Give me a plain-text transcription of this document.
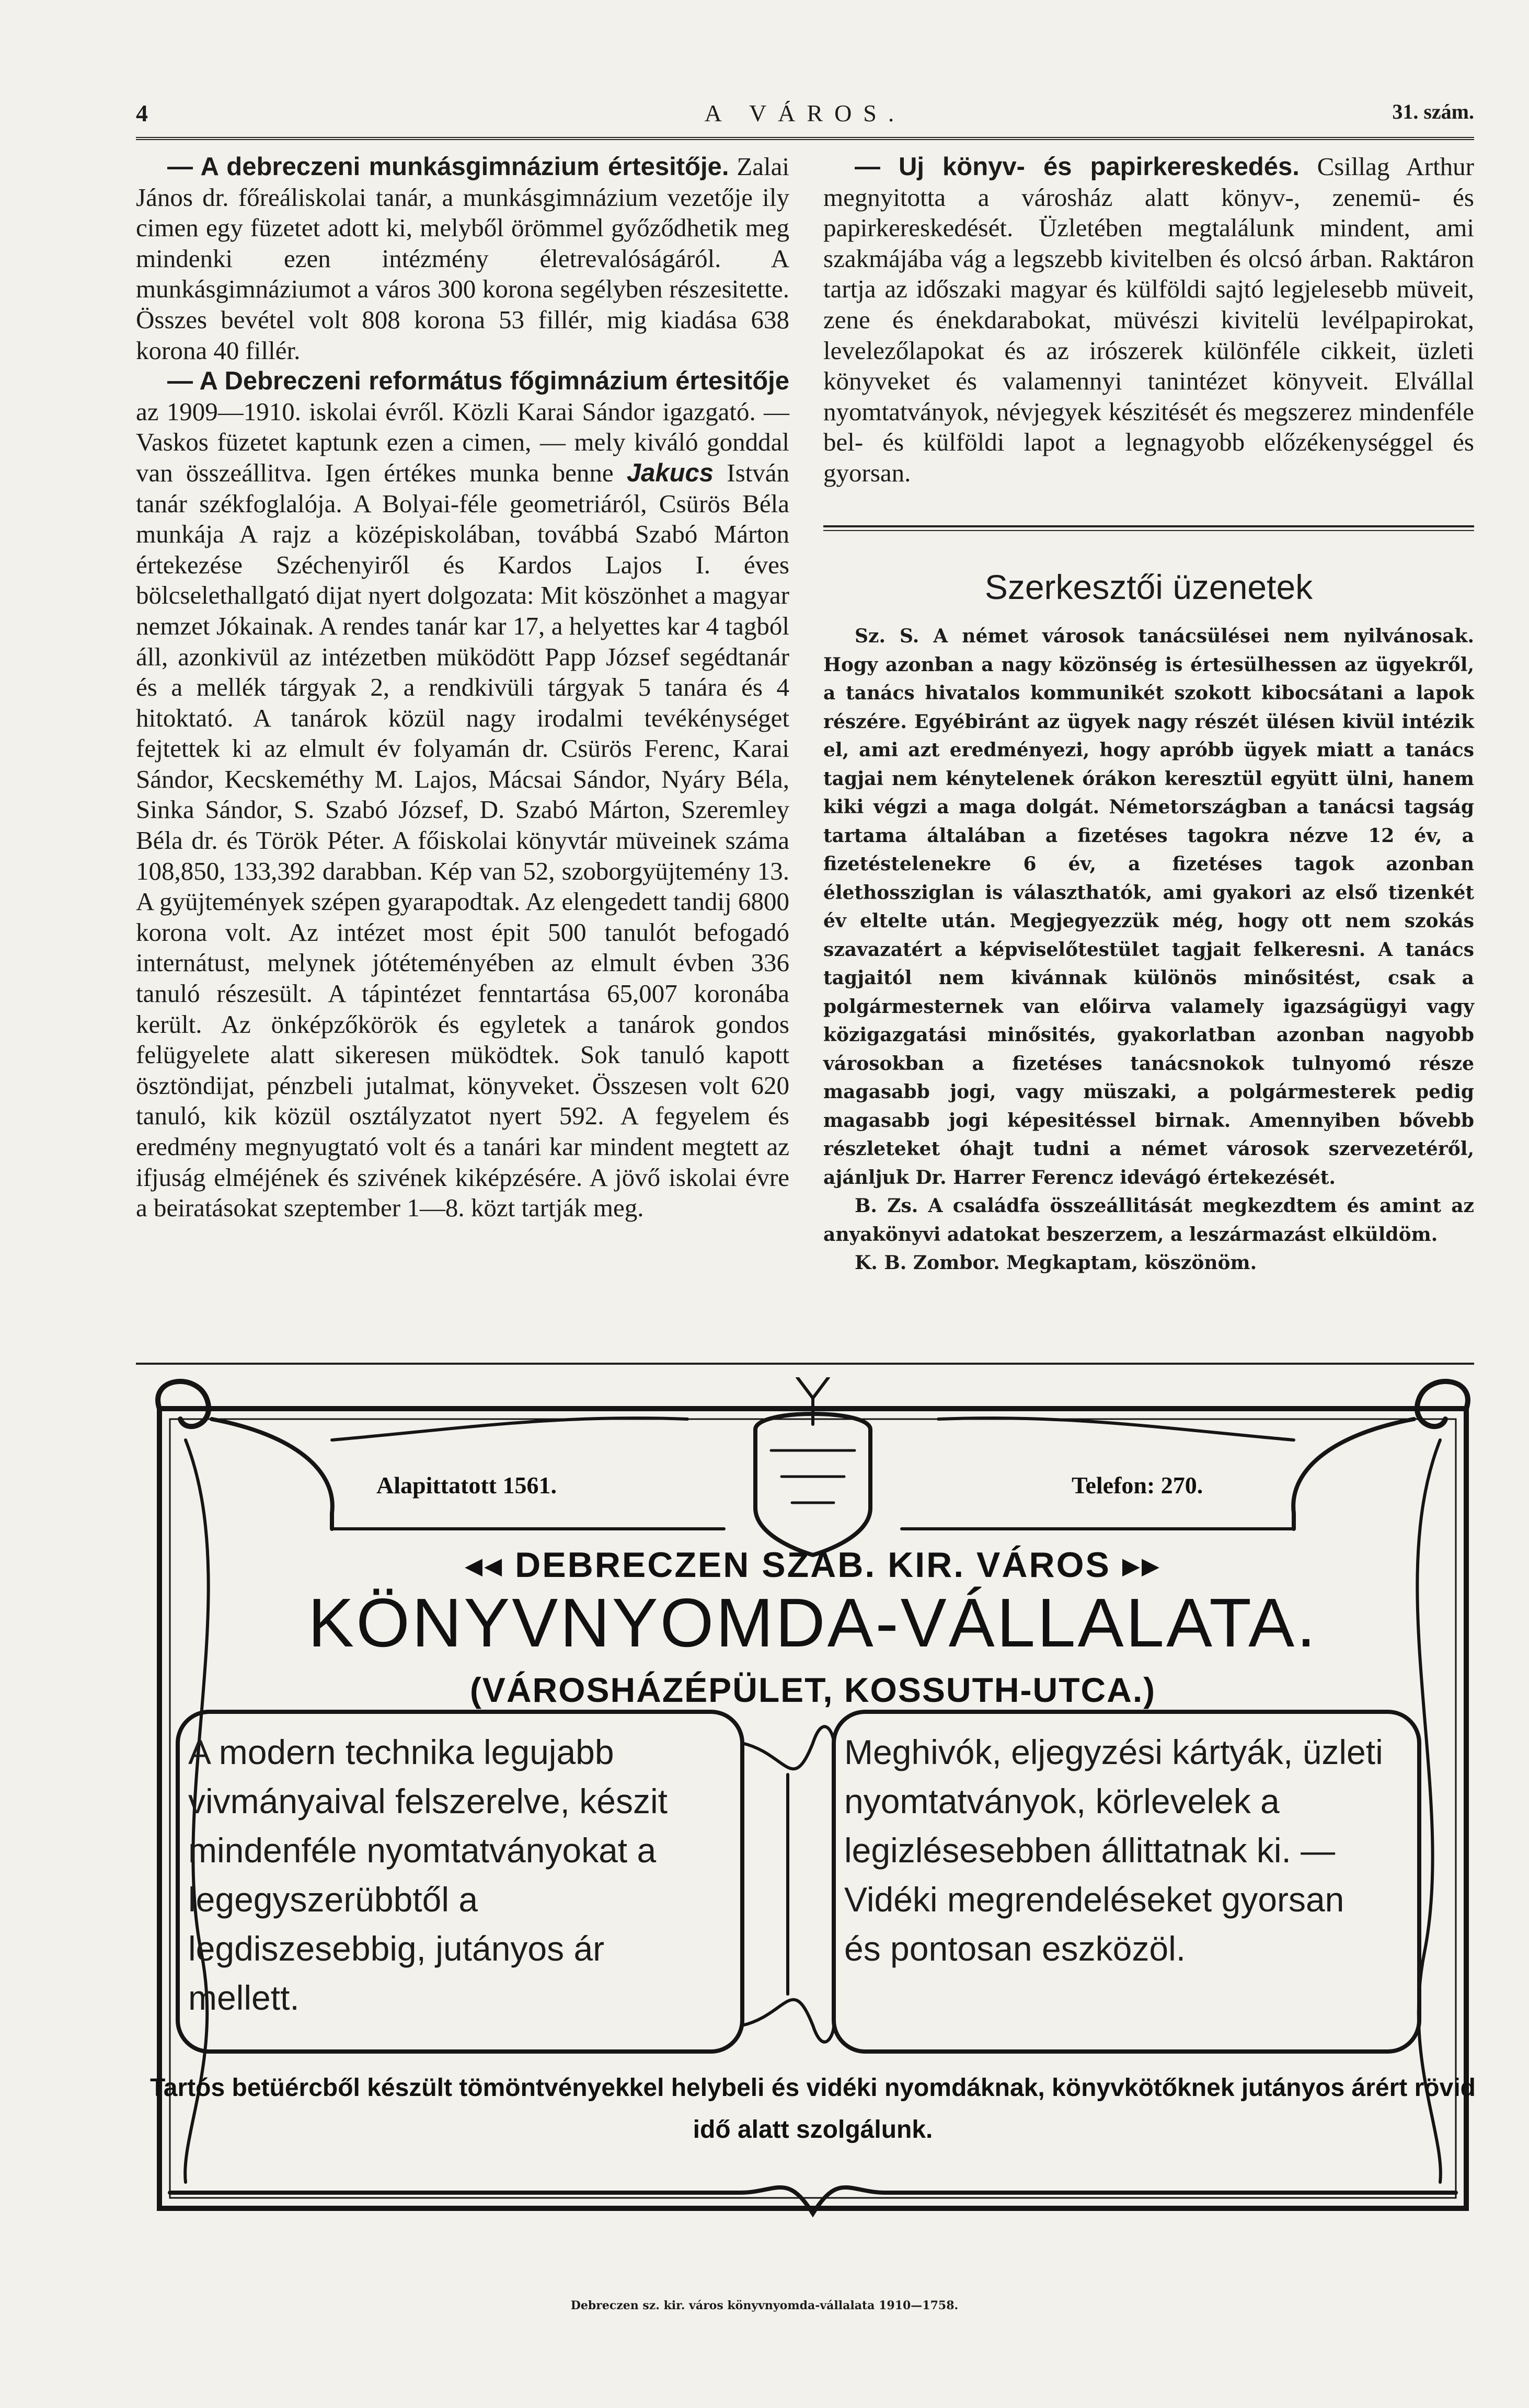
4	A VÁROS.	31. szám.

— A debreczeni munkásgimnázium értesitője. Zalai János dr. főreáliskolai tanár, a munkásgimnázium vezetője ily cimen egy füzetet adott ki, melyből örömmel győződhetik meg mindenki ezen intézmény életrevalóságáról. A munkásgimnáziumot a város 300 korona segélyben részesitette. Összes bevétel volt 808 korona 53 fillér, mig kiadása 638 korona 40 fillér.

— A Debreczeni református főgimnázium értesitője az 1909—1910. iskolai évről. Közli Karai Sándor igazgató. — Vaskos füzetet kaptunk ezen a cimen, — mely kiváló gonddal van összeállitva. Igen értékes munka benne Jakucs István tanár székfoglalója. A Bolyai-féle geometriáról, Csürös Béla munkája A rajz a középiskolában, továbbá Szabó Márton értekezése Széchenyiről és Kardos Lajos I. éves bölcselethallgató dijat nyert dolgozata: Mit köszönhet a magyar nemzet Jókainak. A rendes tanár kar 17, a helyettes kar 4 tagból áll, azonkivül az intézetben müködött Papp József segédtanár és a mellék tárgyak 2, a rendkivüli tárgyak 5 tanára és 4 hitoktató. A tanárok közül nagy irodalmi tevékénységet fejtettek ki az elmult év folyamán dr. Csürös Ferenc, Karai Sándor, Kecskeméthy M. Lajos, Mácsai Sándor, Nyáry Béla, Sinka Sándor, S. Szabó József, D. Szabó Márton, Szeremley Béla dr. és Török Péter. A főiskolai könyvtár müveinek száma 108,850, 133,392 darabban. Kép van 52, szoborgyüjtemény 13. A gyüjtemények szépen gyarapodtak. Az elengedett tandij 6800 korona volt. Az intézet most épit 500 tanulót befogadó internátust, melynek jótéteményében az elmult évben 336 tanuló részesült. A tápintézet fenntartása 65,007 koronába került. Az önképzőkörök és egyletek a tanárok gondos felügyelete alatt sikeresen müködtek. Sok tanuló kapott ösztöndijat, pénzbeli jutalmat, könyveket. Összesen volt 620 tanuló, kik közül osztályzatot nyert 592. A fegyelem és eredmény megnyugtató volt és a tanári kar mindent megtett az ifjuság elméjének és szivének kiképzésére. A jövő iskolai évre a beiratásokat szeptember 1—8. közt tartják meg.

— Uj könyv- és papirkereskedés. Csillag Arthur megnyitotta a városház alatt könyv-, zenemü- és papirkereskedését. Üzletében megtalálunk mindent, ami szakmájába vág a legszebb kivitelben és olcsó árban. Raktáron tartja az időszaki magyar és külföldi sajtó legjelesebb müveit, zene és énekdarabokat, müvészi kivitelü levélpapirokat, levelezőlapokat és az irószerek különféle cikkeit, üzleti könyveket és valamennyi tanintézet könyveit. Elvállal nyomtatványok, névjegyek készitését és megszerez mindenféle bel- és külföldi lapot a legnagyobb előzékenységgel és gyorsan.

Szerkesztői üzenetek

Sz. S. A német városok tanácsülései nem nyilvánosak. Hogy azonban a nagy közönség is értesülhessen az ügyekről, a tanács hivatalos kommunikét szokott kibocsátani a lapok részére. Egyébiránt az ügyek nagy részét ülésen kivül intézik el, ami azt eredményezi, hogy apróbb ügyek miatt a tanács tagjai nem kénytelenek órákon keresztül együtt ülni, hanem kiki végzi a maga dolgát. Németországban a tanácsi tagság tartama általában a fizetéses tagokra nézve 12 év, a fizetéstelenekre 6 év, a fizetéses tagok azonban élethossziglan is választhatók, ami gyakori az első tizenkét év eltelte után. Megjegyezzük még, hogy ott nem szokás szavazatért a képviselőtestület tagjait felkeresni. A tanács tagjaitól nem kivánnak különös minősitést, csak a polgármesternek van előirva valamely igazságügyi vagy közigazgatási minősités, gyakorlatban azonban nagyobb városokban a fizetéses tanácsnokok tulnyomó része magasabb jogi, vagy müszaki, a polgármesterek pedig magasabb jogi képesitéssel birnak. Amennyiben bővebb részleteket óhajt tudni a német városok szervezetéről, ajánljuk Dr. Harrer Ferencz idevágó értekezését.

B. Zs. A családfa összeállitását megkezdtem és amint az anyakönyvi adatokat beszerzem, a leszármazást elküldöm.

K. B. Zombor. Megkaptam, köszönöm.

Alapittatott 1561.	Telefon: 270.
◂◂ DEBRECZEN SZAB. KIR. VÁROS ▸▸
KÖNYVNYOMDA-VÁLLALATA.
(VÁROSHÁZÉPÜLET, KOSSUTH-UTCA.)
A modern technika legujabb vivmányaival felszerelve, készit mindenféle nyomtatványokat a legegyszerübbtől a legdiszesebbig, jutányos ár mellett.
Meghivók, eljegyzési kártyák, üzleti nyomtatványok, körlevelek a legizlésesebben állittatnak ki. — Vidéki megrendeléseket gyorsan és pontosan eszközöl.
Tartós betüércből készült tömöntvényekkel helybeli és vidéki nyomdáknak, könyvkötőknek jutányos árért rövid idő alatt szolgálunk.
Debreczen sz. kir. város könyvnyomda-vállalata 1910—1758.
